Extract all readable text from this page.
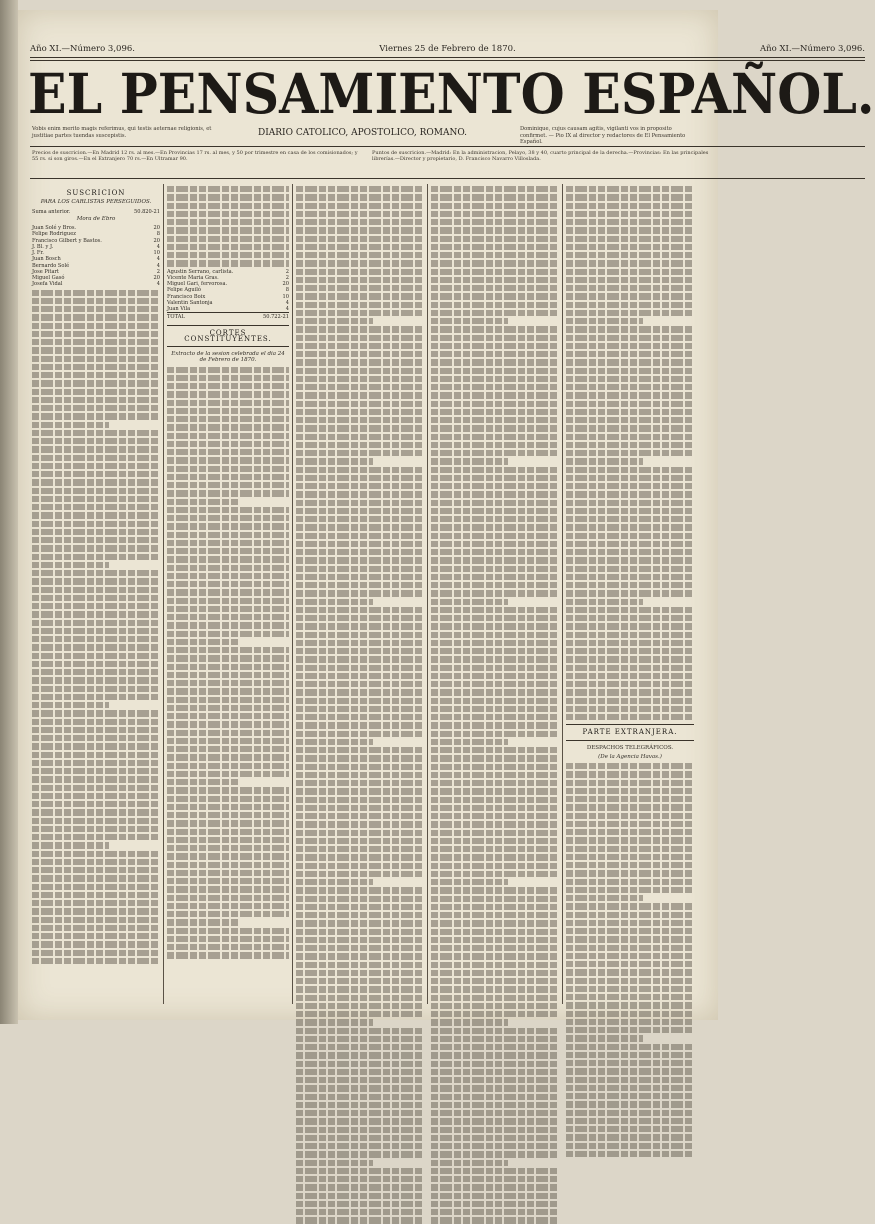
Año XI.—Número 3,096.	Viernes 25 de Febrero de 1870.	Año XI.—Número 3,096.
EL PENSAMIENTO ESPAÑOL.
Vobis enim merito magis referimus, qui testis aeternae religionis, et justitiae partes tuendas suscepistis.	DIARIO CATOLICO, APOSTOLICO, ROMANO.	Dominique, cujus causam agitis, vigilanti vos in proposito confirmet. — Pio IX al director y redactores de El Pensamiento Español.
Precios de suscricion.—En Madrid 12 rs. al mes.—En Provincias 17 rs. al mes, y 50 por trimestre en casa de los comisionados; y 55 rs. si son giros.—En el Extranjero 70 rs.—En Ultramar 90.
Puntos de suscricion.—Madrid: En la administracion, Pelayo, 38 y 40, cuarto principal de la derecha.—Provincias: En las principales librerías.—Director y propietario, D. Francisco Navarro Villoslada.
SUSCRICION
PARA LOS CARLISTAS PERSEGUIDOS.
Suma anterior.	50.820-21
Mora de Ebro
Juan Solé y Bros.	20
Felipe Rodriguez	8
Francisco Gilbert y Bastos.	20
J. Bl. y J.	4
J. Fr.	10
Juan Bosch	4
Bernardo Solé	4
Jose Pitart	2
Miguel Gasó	20
Josefa Vidal	4
Agustin Serrano, carlista.	2
Vicente Maria Gras.	2
Miguel Gari, fervorosa.	20
Felipe Aguiló	8
Francisco Boix	10
Valentin Santonja	4
Juan Vila	4
TOTAL	50.722-21
CORTES CONSTITUYENTES.
Extracto de la sesion celebrada el dia 24 de Febrero de 1870.
PARTE EXTRANJERA.
DESPACHOS TELEGRÁFICOS.
(De la Agencia Havas.)
